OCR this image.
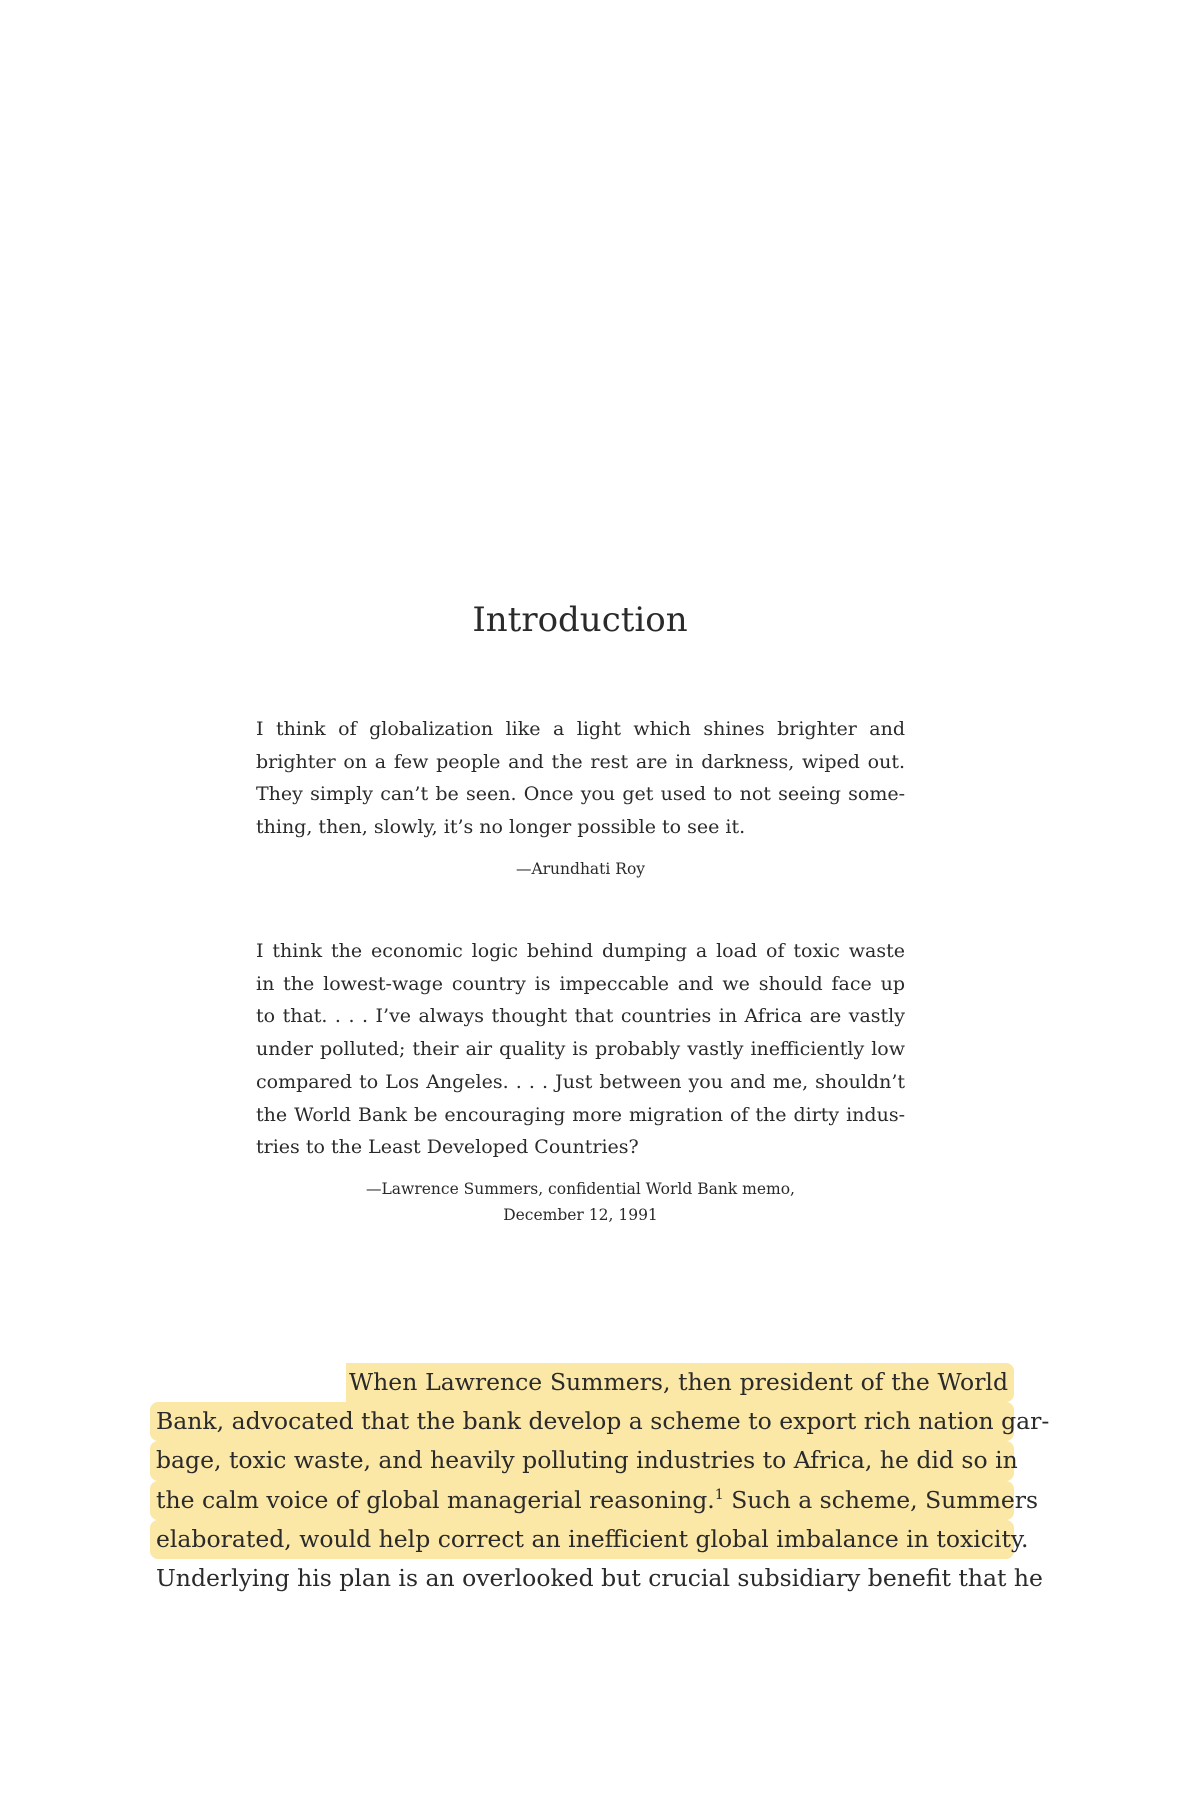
Introduction

I think of globalization like a light which shines brighter and
brighter on a few people and the rest are in darkness, wiped out.
They simply can’t be seen. Once you get used to not seeing some-
thing, then, slowly, it’s no longer possible to see it.

—Arundhati Roy

I think the economic logic behind dumping a load of toxic waste
in the lowest-wage country is impeccable and we should face up
to that. . . . I’ve always thought that countries in Africa are vastly
under polluted; their air quality is probably vastly inefficiently low
compared to Los Angeles. . . . Just between you and me, shouldn’t
the World Bank be encouraging more migration of the dirty indus-
tries to the Least Developed Countries?

—Lawrence Summers, confidential World Bank memo,
December 12, 1991

When Lawrence Summers, then president of the World
Bank, advocated that the bank develop a scheme to export rich nation gar-
bage, toxic waste, and heavily polluting industries to Africa, he did so in
the calm voice of global managerial reasoning.$^1$ Such a scheme, Summers
elaborated, would help correct an inefficient global imbalance in toxicity.
Underlying his plan is an overlooked but crucial subsidiary benefit that he
